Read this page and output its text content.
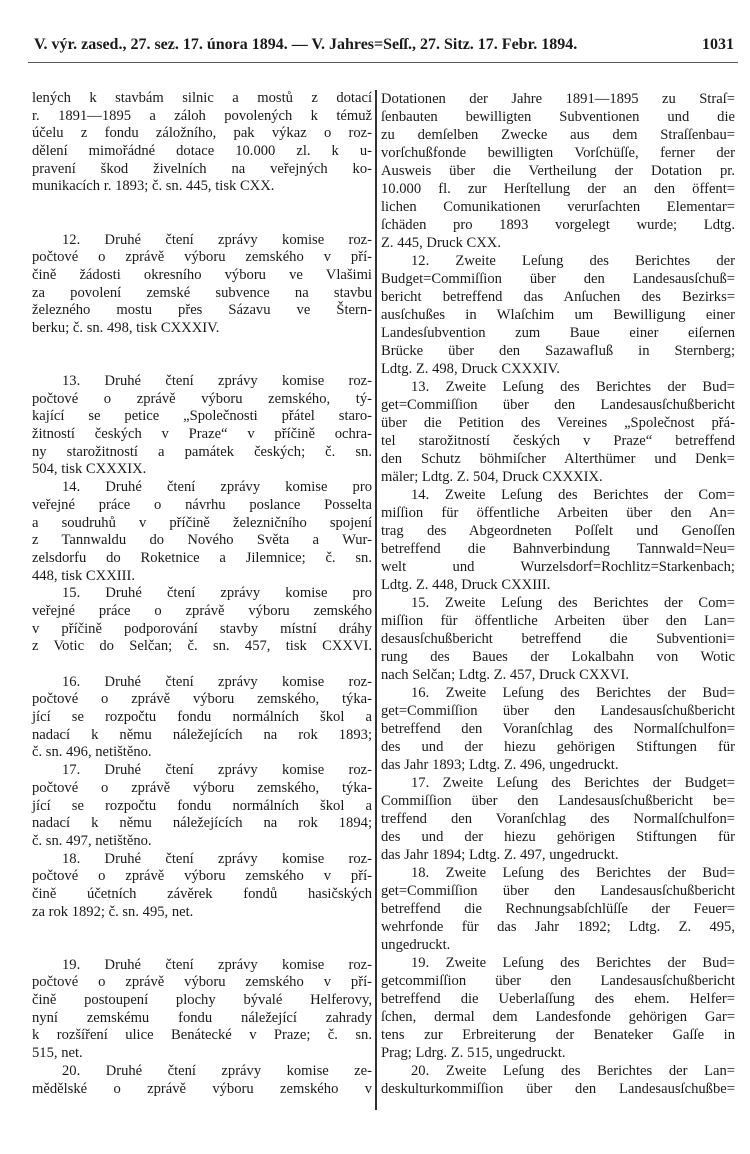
V. výr. zased., 27. sez. 17. února 1894. — V. Jahres=Seſſ., 27. Sitz. 17. Febr. 1894.	1031
lených k stavbám silnic a mostů z dotací
r. 1891—1895 a záloh povolených k témuž
účelu z fondu záložního, pak výkaz o roz-
dělení mimořádné dotace 10.000 zl. k u-
pravení škod živelních na veřejných ko-
munikacích r. 1893; č. sn. 445, tisk CXX.
12. Druhé čtení zprávy komise roz-
počtové o zprávě výboru zemského v pří-
čině žádosti okresního výboru ve Vlašimi
za povolení zemské subvence na stavbu
železného mostu přes Sázavu ve Štern-
berku; č. sn. 498, tisk CXXXIV.
13. Druhé čtení zprávy komise roz-
počtové o zprávě výboru zemského, tý-
kající se petice „Společnosti přátel staro-
žitností českých v Praze“ v příčině ochra-
ny starožitností a památek českých; č. sn.
504, tisk CXXXIX.
14. Druhé čtení zprávy komise pro
veřejné práce o návrhu poslance Posselta
a soudruhů v příčině železničního spojení
z Tannwaldu do Nového Světa a Wur-
zelsdorfu do Roketnice a Jilemnice; č. sn.
448, tisk CXXIII.
15. Druhé čtení zprávy komise pro
veřejné práce o zprávě výboru zemského
v příčině podporování stavby místní dráhy
z Votic do Selčan; č. sn. 457, tisk CXXVI.
16. Druhé čtení zprávy komise roz-
počtové o zprávě výboru zemského, týka-
jící se rozpočtu fondu normálních škol a
nadací k němu náležejících na rok 1893;
č. sn. 496, netištěno.
17. Druhé čtení zprávy komise roz-
počtové o zprávě výboru zemského, týka-
jící se rozpočtu fondu normálních škol a
nadací k němu náležejících na rok 1894;
č. sn. 497, netištěno.
18. Druhé čtení zprávy komise roz-
počtové o zprávě výboru zemského v pří-
čině účetních závěrek fondů hasičských
za rok 1892; č. sn. 495, net.
19. Druhé čtení zprávy komise roz-
počtové o zprávě výboru zemského v pří-
čině postoupení plochy bývalé Helferovy,
nyní zemskému fondu náležející zahrady
k rozšíření ulice Benátecké v Praze; č. sn.
515, net.
20. Druhé čtení zprávy komise ze-
mědělské o zprávě výboru zemského v
Dotationen der Jahre 1891—1895 zu Straſ=
ſenbauten bewilligten Subventionen und die
zu demſelben Zwecke aus dem Straſſenbau=
vorſchußfonde bewilligten Vorſchüſſe, ferner der
Ausweis über die Vertheilung der Dotation pr.
10.000 fl. zur Herſtellung der an den öffent=
lichen Comunikationen verurſachten Elementar=
ſchäden pro 1893 vorgelegt wurde; Ldtg.
Z. 445, Druck CXX.
12. Zweite Leſung des Berichtes der
Budget=Commiſſion über den Landesausſchuß=
bericht betreffend das Anſuchen des Bezirks=
ausſchußes in Wlaſchim um Bewilligung einer
Landesſubvention zum Baue einer eiſernen
Brücke über den Sazawafluß in Sternberg;
Ldtg. Z. 498, Druck CXXXIV.
13. Zweite Leſung des Berichtes der Bud=
get=Commiſſion über den Landesausſchußbericht
über die Petition des Vereines „Společnost přá-
tel starožitností českých v Praze“ betreffend
den Schutz böhmiſcher Alterthümer und Denk=
mäler; Ldtg. Z. 504, Druck CXXXIX.
14. Zweite Leſung des Berichtes der Com=
miſſion für öffentliche Arbeiten über den An=
trag des Abgeordneten Poſſelt und Genoſſen
betreffend die Bahnverbindung Tannwald=Neu=
welt und Wurzelsdorf=Rochlitz=Starkenbach;
Ldtg. Z. 448, Druck CXXIII.
15. Zweite Leſung des Berichtes der Com=
miſſion für öffentliche Arbeiten über den Lan=
desausſchußbericht betreffend die Subventioni=
rung des Baues der Lokalbahn von Wotic
nach Selčan; Ldtg. Z. 457, Druck CXXVI.
16. Zweite Leſung des Berichtes der Bud=
get=Commiſſion über den Landesausſchußbericht
betreffend den Voranſchlag des Normalſchulfon=
des und der hiezu gehörigen Stiftungen für
das Jahr 1893; Ldtg. Z. 496, ungedruckt.
17. Zweite Leſung des Berichtes der Budget=
Commiſſion über den Landesausſchußbericht be=
treffend den Voranſchlag des Normalſchulfon=
des und der hiezu gehörigen Stiftungen für
das Jahr 1894; Ldtg. Z. 497, ungedruckt.
18. Zweite Leſung des Berichtes der Bud=
get=Commiſſion über den Landesausſchußbericht
betreffend die Rechnungsabſchlüſſe der Feuer=
wehrfonde für das Jahr 1892; Ldtg. Z. 495,
ungedruckt.
19. Zweite Leſung des Berichtes der Bud=
getcommiſſion über den Landesausſchußbericht
betreffend die Ueberlaſſung des ehem. Helfer=
ſchen, dermal dem Landesfonde gehörigen Gar=
tens zur Erbreiterung der Benateker Gaſſe in
Prag; Ldrg. Z. 515, ungedruckt.
20. Zweite Leſung des Berichtes der Lan=
deskulturkommiſſion über den Landesausſchußbe=
